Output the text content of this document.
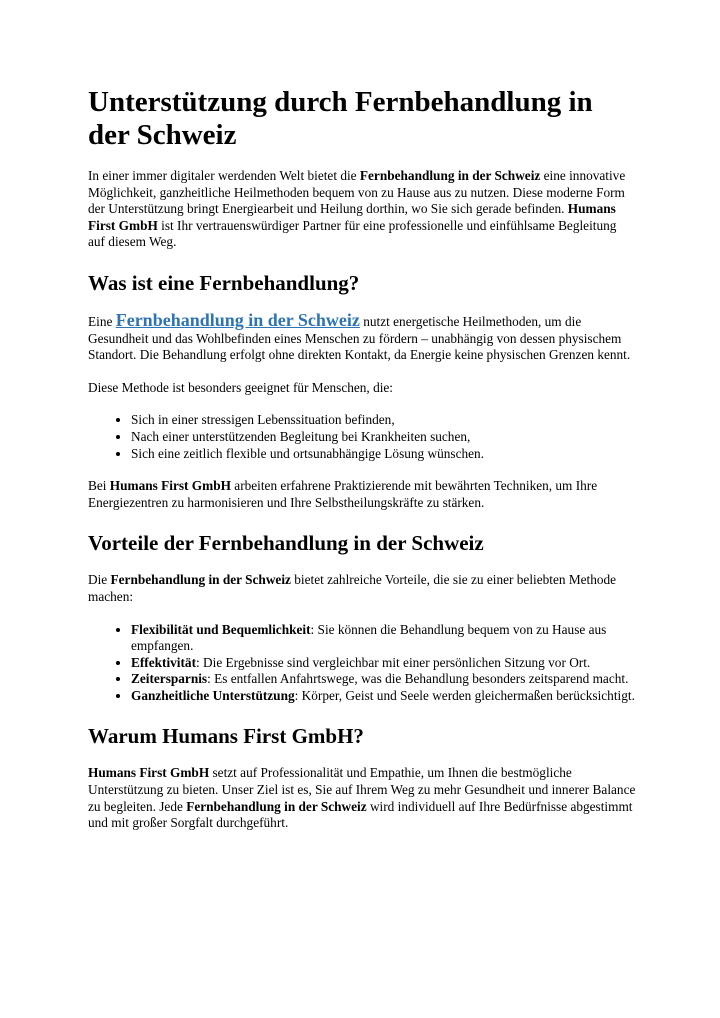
Unterstützung durch Fernbehandlung in der Schweiz

In einer immer digitaler werdenden Welt bietet die Fernbehandlung in der Schweiz eine innovative Möglichkeit, ganzheitliche Heilmethoden bequem von zu Hause aus zu nutzen. Diese moderne Form der Unterstützung bringt Energiearbeit und Heilung dorthin, wo Sie sich gerade befinden. Humans First GmbH ist Ihr vertrauenswürdiger Partner für eine professionelle und einfühlsame Begleitung auf diesem Weg.

Was ist eine Fernbehandlung?

Eine Fernbehandlung in der Schweiz nutzt energetische Heilmethoden, um die Gesundheit und das Wohlbefinden eines Menschen zu fördern – unabhängig von dessen physischem Standort. Die Behandlung erfolgt ohne direkten Kontakt, da Energie keine physischen Grenzen kennt.

Diese Methode ist besonders geeignet für Menschen, die:

• Sich in einer stressigen Lebenssituation befinden,
• Nach einer unterstützenden Begleitung bei Krankheiten suchen,
• Sich eine zeitlich flexible und ortsunabhängige Lösung wünschen.

Bei Humans First GmbH arbeiten erfahrene Praktizierende mit bewährten Techniken, um Ihre Energiezentren zu harmonisieren und Ihre Selbstheilungskräfte zu stärken.

Vorteile der Fernbehandlung in der Schweiz

Die Fernbehandlung in der Schweiz bietet zahlreiche Vorteile, die sie zu einer beliebten Methode machen:

• Flexibilität und Bequemlichkeit: Sie können die Behandlung bequem von zu Hause aus empfangen.
• Effektivität: Die Ergebnisse sind vergleichbar mit einer persönlichen Sitzung vor Ort.
• Zeitersparnis: Es entfallen Anfahrtswege, was die Behandlung besonders zeitsparend macht.
• Ganzheitliche Unterstützung: Körper, Geist und Seele werden gleichermaßen berücksichtigt.
Warum Humans First GmbH?

Humans First GmbH setzt auf Professionalität und Empathie, um Ihnen die bestmögliche Unterstützung zu bieten. Unser Ziel ist es, Sie auf Ihrem Weg zu mehr Gesundheit und innerer Balance zu begleiten. Jede Fernbehandlung in der Schweiz wird individuell auf Ihre Bedürfnisse abgestimmt und mit großer Sorgfalt durchgeführt.
